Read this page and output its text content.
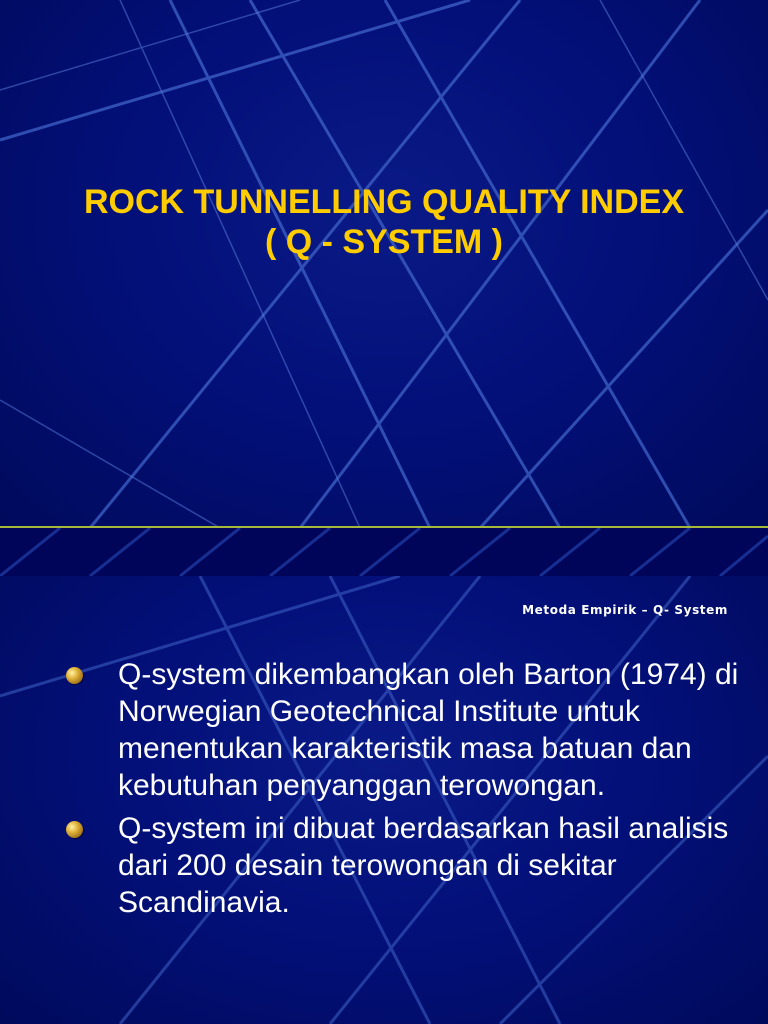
ROCK TUNNELLING QUALITY INDEX
( Q - SYSTEM )
Metoda Empirik – Q- System
Q-system dikembangkan oleh Barton (1974) di Norwegian Geotechnical Institute untuk menentukan karakteristik masa batuan dan kebutuhan penyanggan terowongan.
Q-system ini dibuat berdasarkan hasil analisis dari 200 desain terowongan di sekitar Scandinavia.
